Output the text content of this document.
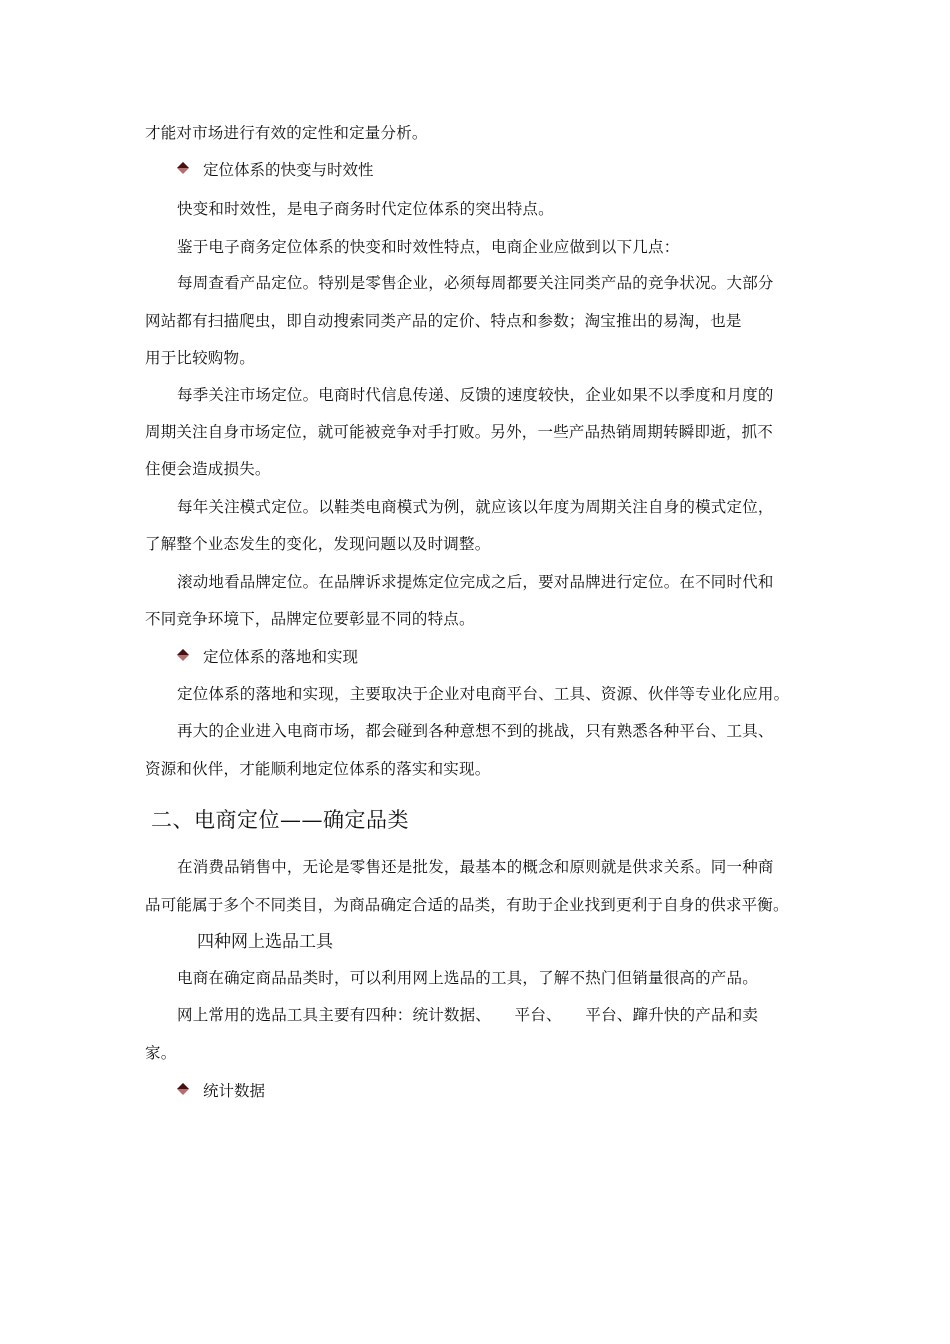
才能对市场进行有效的定性和定量分析。
定位体系的快变与时效性
快变和时效性，是电子商务时代定位体系的突出特点。
鉴于电子商务定位体系的快变和时效性特点，电商企业应做到以下几点：
每周查看产品定位。特别是零售企业，必须每周都要关注同类产品的竞争状况。大部分
网站都有扫描爬虫，即自动搜索同类产品的定价、特点和参数；淘宝推出的易淘，也是
用于比较购物。
每季关注市场定位。电商时代信息传递、反馈的速度较快，企业如果不以季度和月度的
周期关注自身市场定位，就可能被竞争对手打败。另外，一些产品热销周期转瞬即逝，抓不
住便会造成损失。
每年关注模式定位。以鞋类电商模式为例，就应该以年度为周期关注自身的模式定位，
了解整个业态发生的变化，发现问题以及时调整。
滚动地看品牌定位。在品牌诉求提炼定位完成之后，要对品牌进行定位。在不同时代和
不同竞争环境下，品牌定位要彰显不同的特点。
定位体系的落地和实现
定位体系的落地和实现，主要取决于企业对电商平台、工具、资源、伙伴等专业化应用。
再大的企业进入电商市场，都会碰到各种意想不到的挑战，只有熟悉各种平台、工具、
资源和伙伴，才能顺利地定位体系的落实和实现。
二、电商定位——确定品类
在消费品销售中，无论是零售还是批发，最基本的概念和原则就是供求关系。同一种商
品可能属于多个不同类目，为商品确定合适的品类，有助于企业找到更利于自身的供求平衡。
四种网上选品工具
电商在确定商品品类时，可以利用网上选品的工具，了解不热门但销量很高的产品。
网上常用的选品工具主要有四种：统计数据、　　平台、　　平台、蹿升快的产品和卖
家。
统计数据
